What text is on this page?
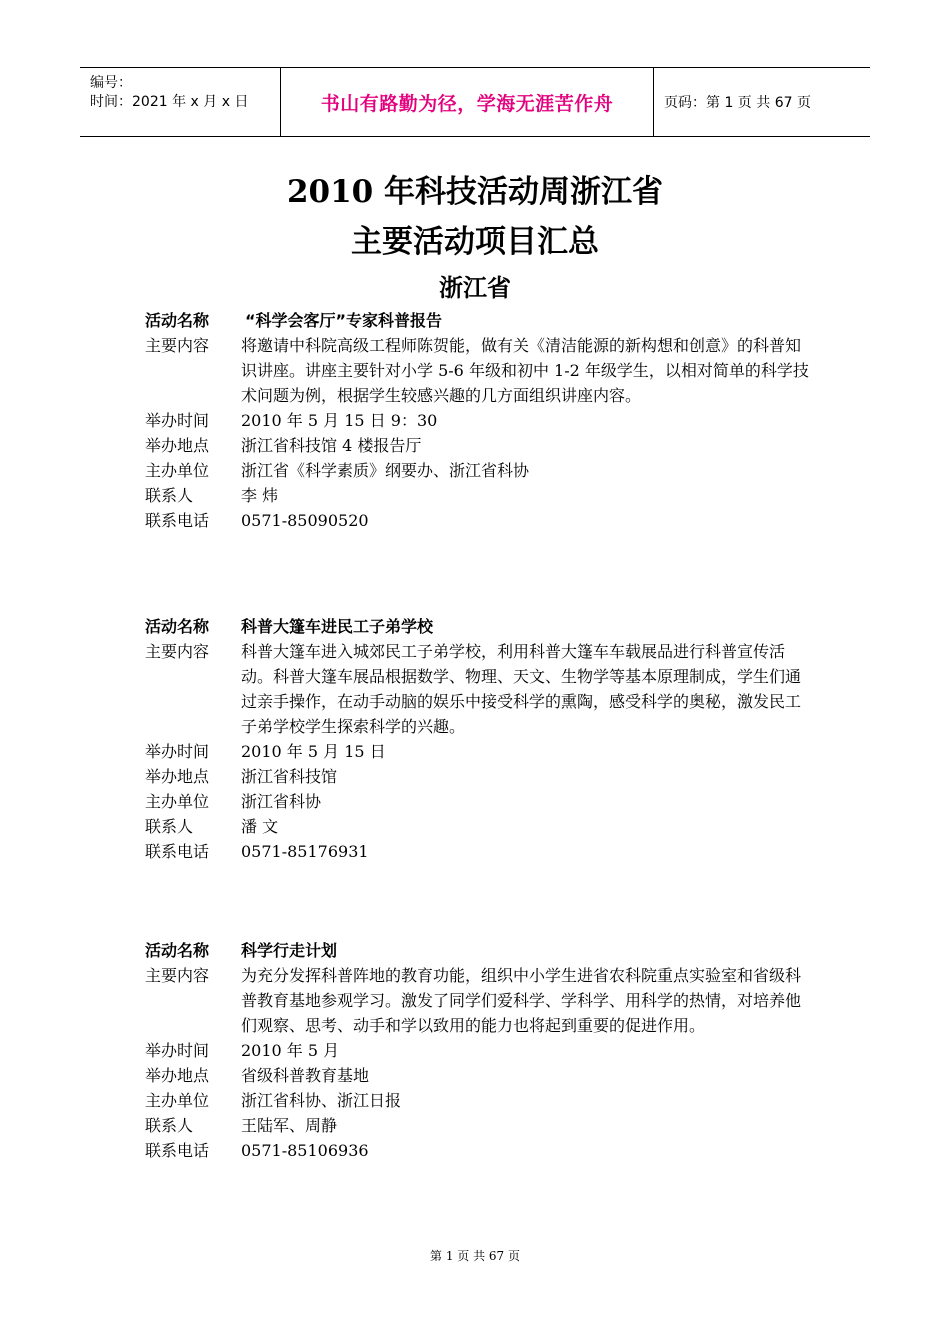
编号：
时间：2021 年 x 月 x 日	书山有路勤为径，学海无涯苦作舟	页码：第 1 页 共 67 页
2010 年科技活动周浙江省
主要活动项目汇总
浙江省
活动名称	“科学会客厅”专家科普报告
主要内容	将邀请中科院高级工程师陈贺能，做有关《清洁能源的新构想和创意》的科普知识讲座。讲座主要针对小学 5-6 年级和初中 1-2 年级学生，以相对简单的科学技术问题为例，根据学生较感兴趣的几方面组织讲座内容。
举办时间	2010 年 5 月 15 日 9：30
举办地点	浙江省科技馆 4 楼报告厅
主办单位	浙江省《科学素质》纲要办、浙江省科协
联系人	李 炜
联系电话	0571-85090520
活动名称	科普大篷车进民工子弟学校
主要内容	科普大篷车进入城郊民工子弟学校，利用科普大篷车车载展品进行科普宣传活动。科普大篷车展品根据数学、物理、天文、生物学等基本原理制成，学生们通过亲手操作，在动手动脑的娱乐中接受科学的熏陶，感受科学的奥秘，激发民工子弟学校学生探索科学的兴趣。
举办时间	2010 年 5 月 15 日
举办地点	浙江省科技馆
主办单位	浙江省科协
联系人	潘 文
联系电话	0571-85176931
活动名称	科学行走计划
主要内容	为充分发挥科普阵地的教育功能，组织中小学生进省农科院重点实验室和省级科普教育基地参观学习。激发了同学们爱科学、学科学、用科学的热情，对培养他们观察、思考、动手和学以致用的能力也将起到重要的促进作用。
举办时间	2010 年 5 月
举办地点	省级科普教育基地
主办单位	浙江省科协、浙江日报
联系人	王陆军、周静
联系电话	0571-85106936
第 1 页 共 67 页
